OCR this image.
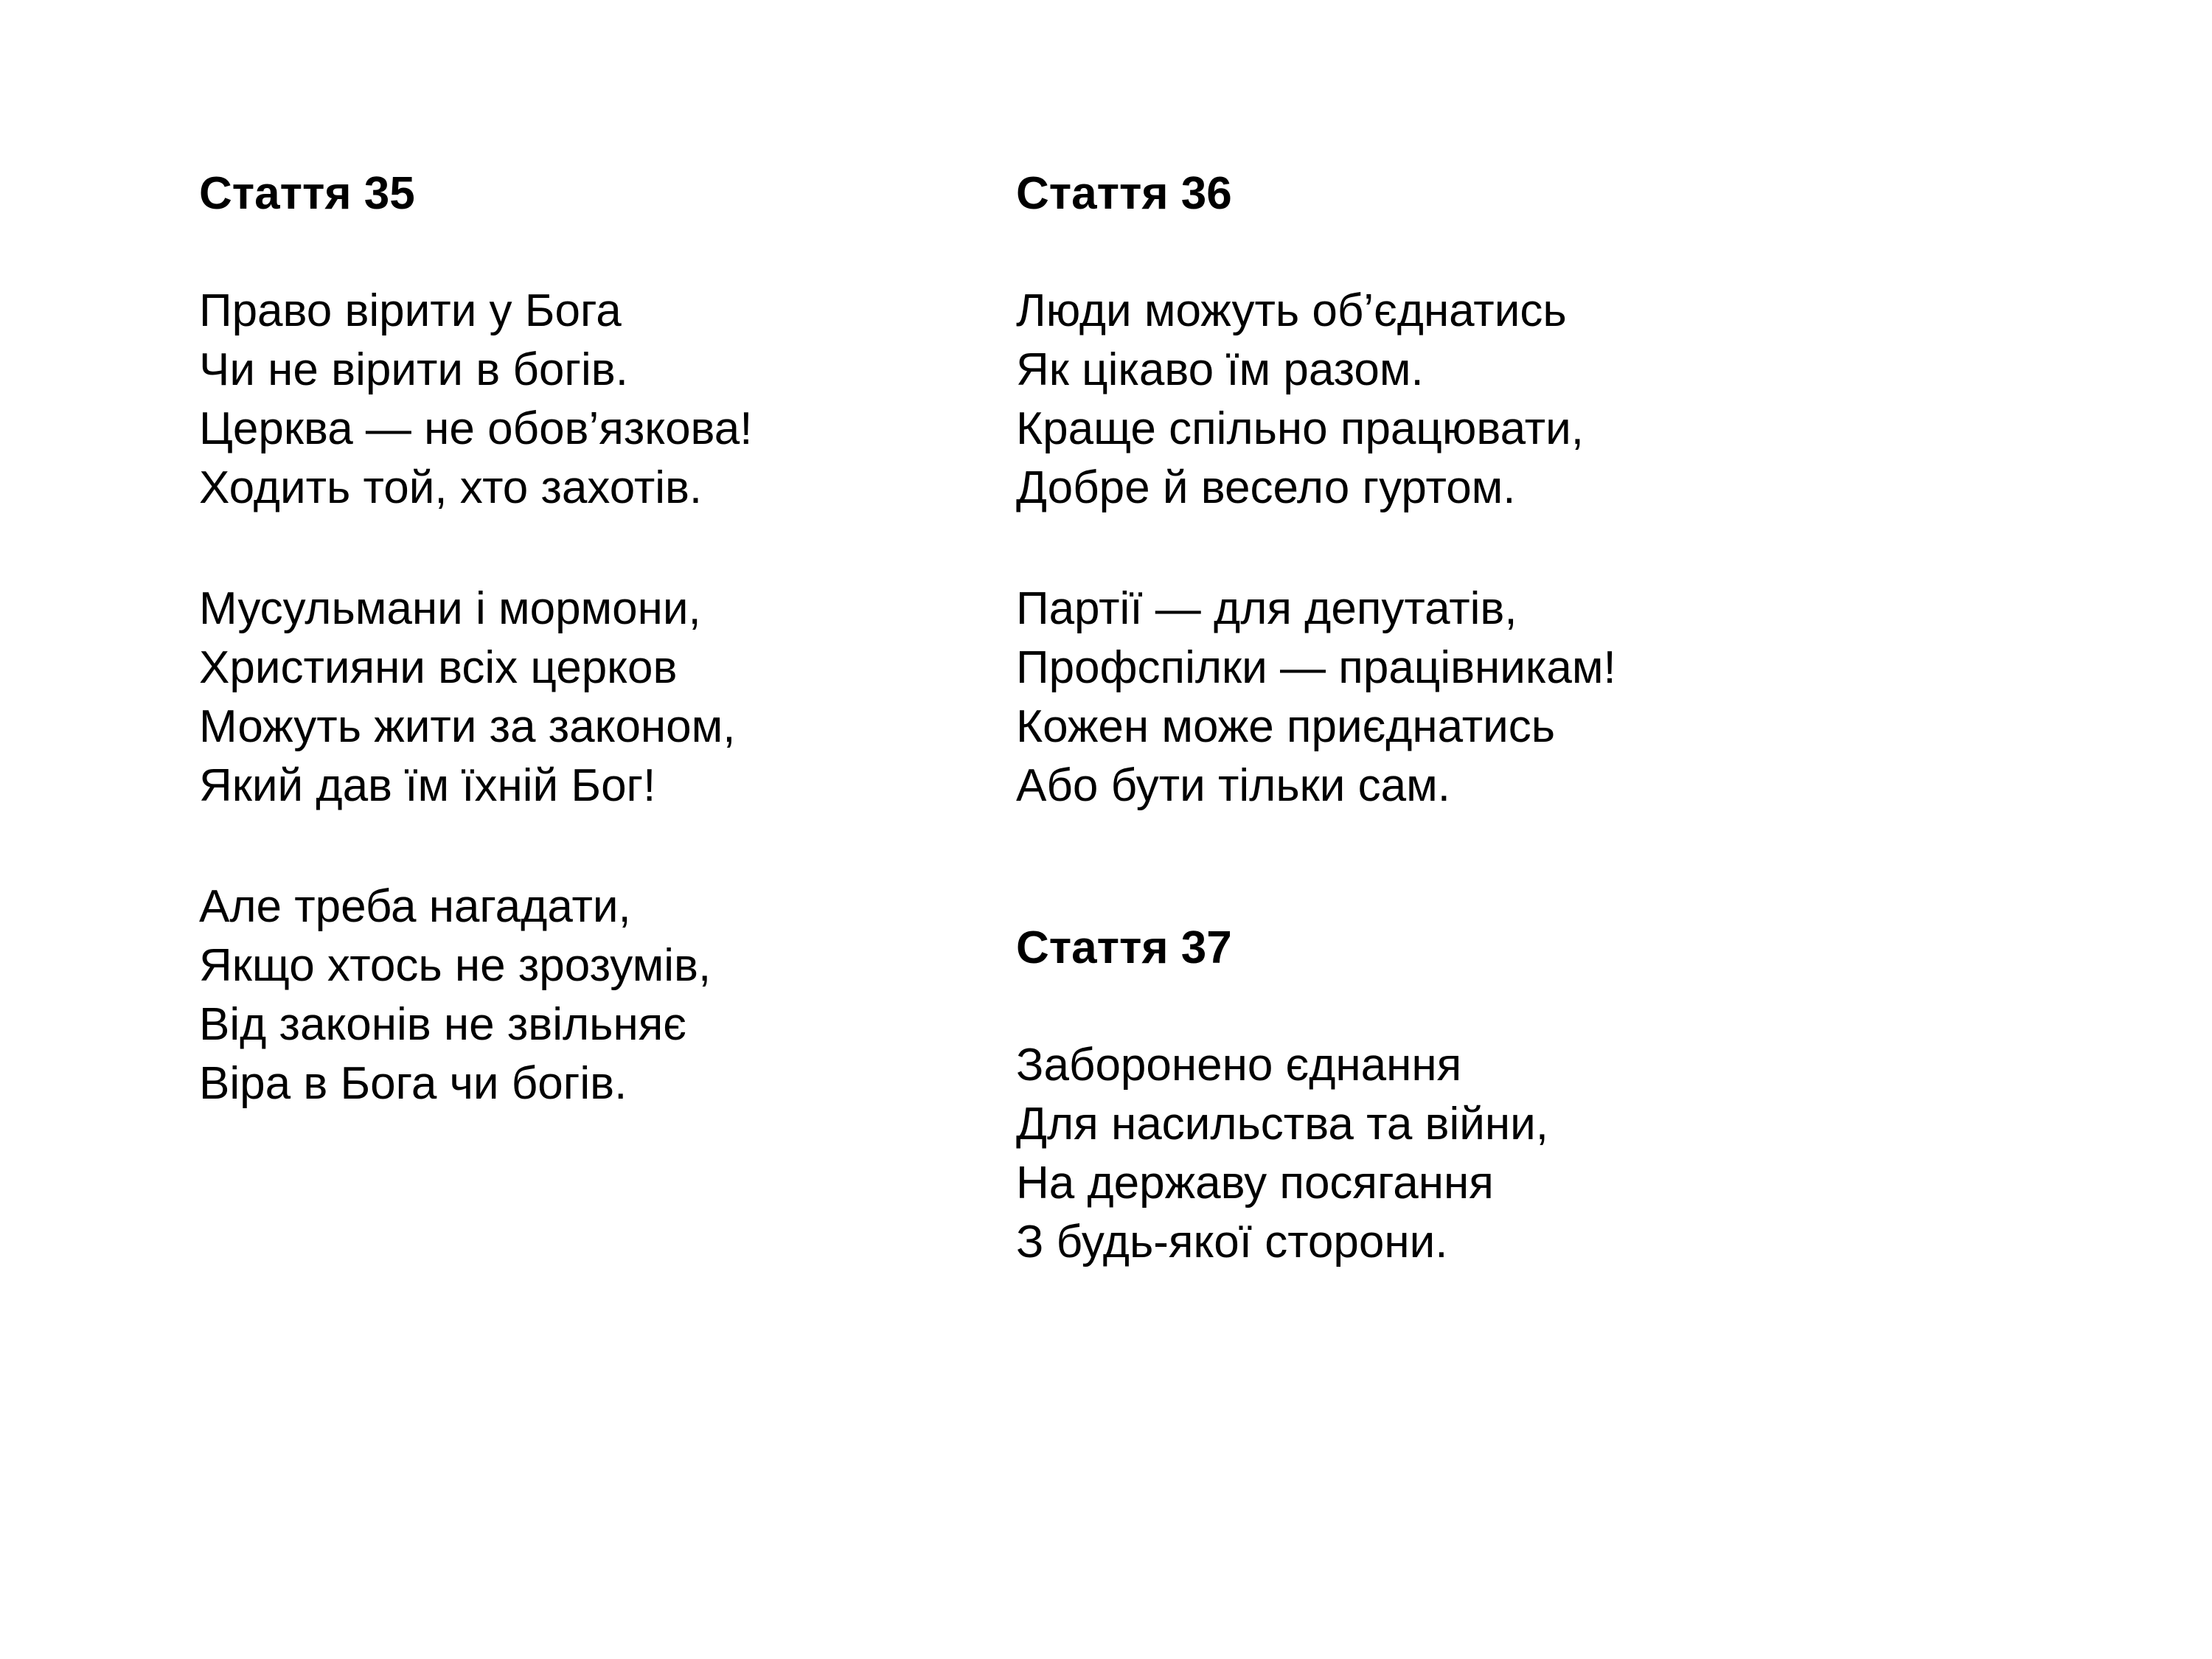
Стаття 35
Право вірити у Бога
Чи не вірити в богів.
Церква — не обов’язкова!
Ходить той, хто захотів.
Мусульмани і мормони,
Християни всіх церков
Можуть жити за законом,
Який дав їм їхній Бог!
Але треба нагадати,
Якщо хтось не зрозумів,
Від законів не звільняє
Віра в Бога чи богів.
Стаття 36
Люди можуть об’єднатись
Як цікаво їм разом.
Краще спільно працювати,
Добре й весело гуртом.
Партії — для депутатів,
Профспілки — працівникам!
Кожен може приєднатись
Або бути тільки сам.
Стаття 37
Заборонено єднання
Для насильства та війни,
На державу посягання
З будь-якої сторони.
